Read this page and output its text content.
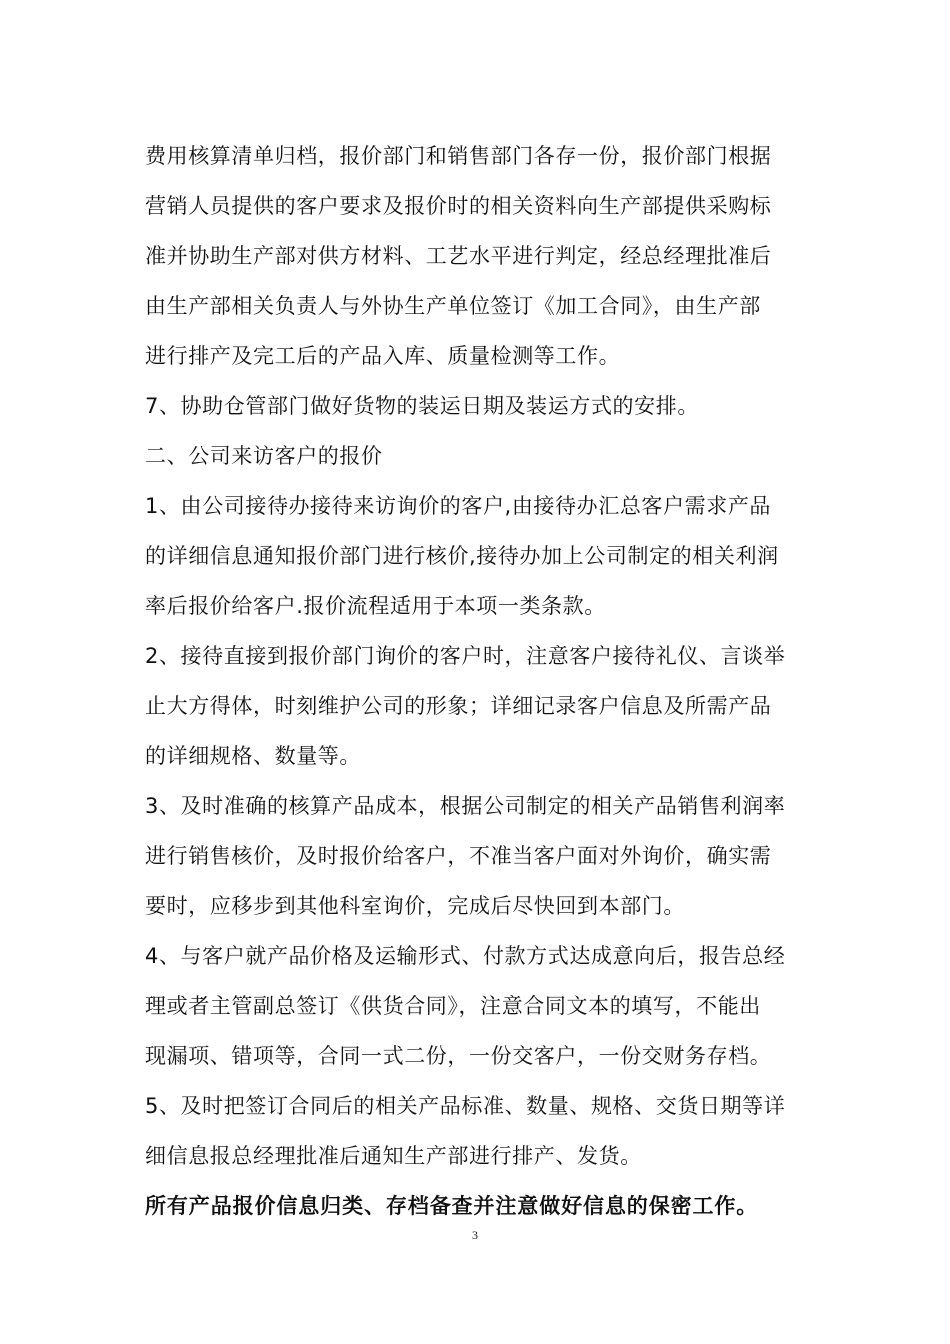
费用核算清单归档，报价部门和销售部门各存一份，报价部门根据
营销人员提供的客户要求及报价时的相关资料向生产部提供采购标
准并协助生产部对供方材料、工艺水平进行判定，经总经理批准后
由生产部相关负责人与外协生产单位签订《加工合同》，由生产部
进行排产及完工后的产品入库、质量检测等工作。

7、协助仓管部门做好货物的装运日期及装运方式的安排。

二、公司来访客户的报价

1、由公司接待办接待来访询价的客户,由接待办汇总客户需求产品
的详细信息通知报价部门进行核价,接待办加上公司制定的相关利润
率后报价给客户.报价流程适用于本项一类条款。

2、接待直接到报价部门询价的客户时，注意客户接待礼仪、言谈举
止大方得体，时刻维护公司的形象；详细记录客户信息及所需产品
的详细规格、数量等。

3、及时准确的核算产品成本，根据公司制定的相关产品销售利润率
进行销售核价，及时报价给客户，不准当客户面对外询价，确实需
要时，应移步到其他科室询价，完成后尽快回到本部门。

4、与客户就产品价格及运输形式、付款方式达成意向后，报告总经
理或者主管副总签订《供货合同》，注意合同文本的填写，不能出
现漏项、错项等，合同一式二份，一份交客户，一份交财务存档。

5、及时把签订合同后的相关产品标准、数量、规格、交货日期等详
细信息报总经理批准后通知生产部进行排产、发货。

所有产品报价信息归类、存档备查并注意做好信息的保密工作。

3
